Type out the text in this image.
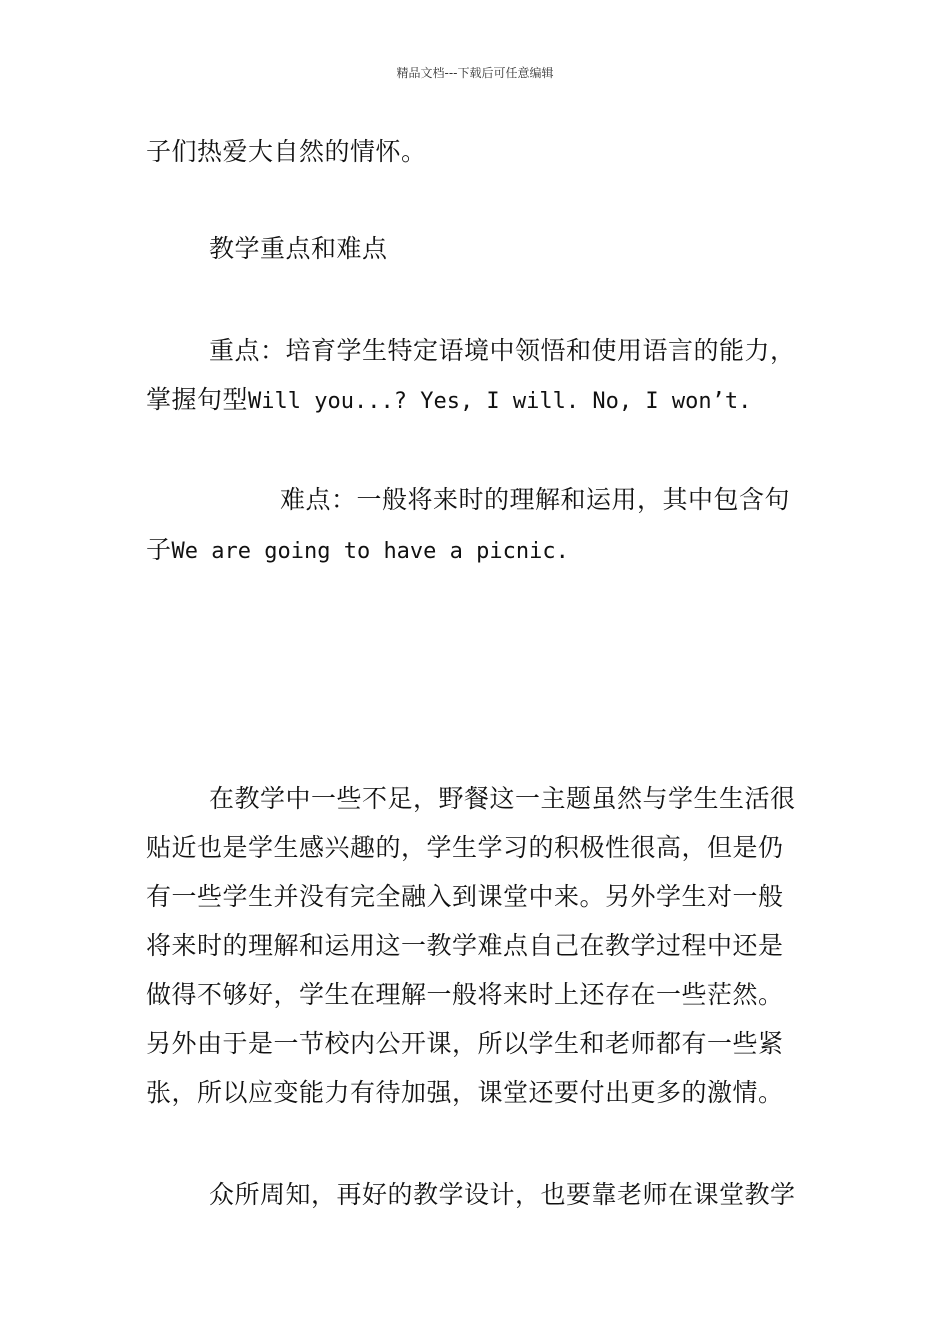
精品文档---下载后可任意编辑
子们热爱大自然的情怀。
教学重点和难点
重点：培育学生特定语境中领悟和使用语言的能力，
掌握句型Will you...? Yes, I will. No, I won’t.
难点：一般将来时的理解和运用，其中包含句
子We are going to have a picnic.
在教学中一些不足，野餐这一主题虽然与学生生活很
贴近也是学生感兴趣的，学生学习的积极性很高，但是仍
有一些学生并没有完全融入到课堂中来。另外学生对一般
将来时的理解和运用这一教学难点自己在教学过程中还是
做得不够好，学生在理解一般将来时上还存在一些茫然。
另外由于是一节校内公开课，所以学生和老师都有一些紧
张，所以应变能力有待加强，课堂还要付出更多的激情。
众所周知，再好的教学设计，也要靠老师在课堂教学
